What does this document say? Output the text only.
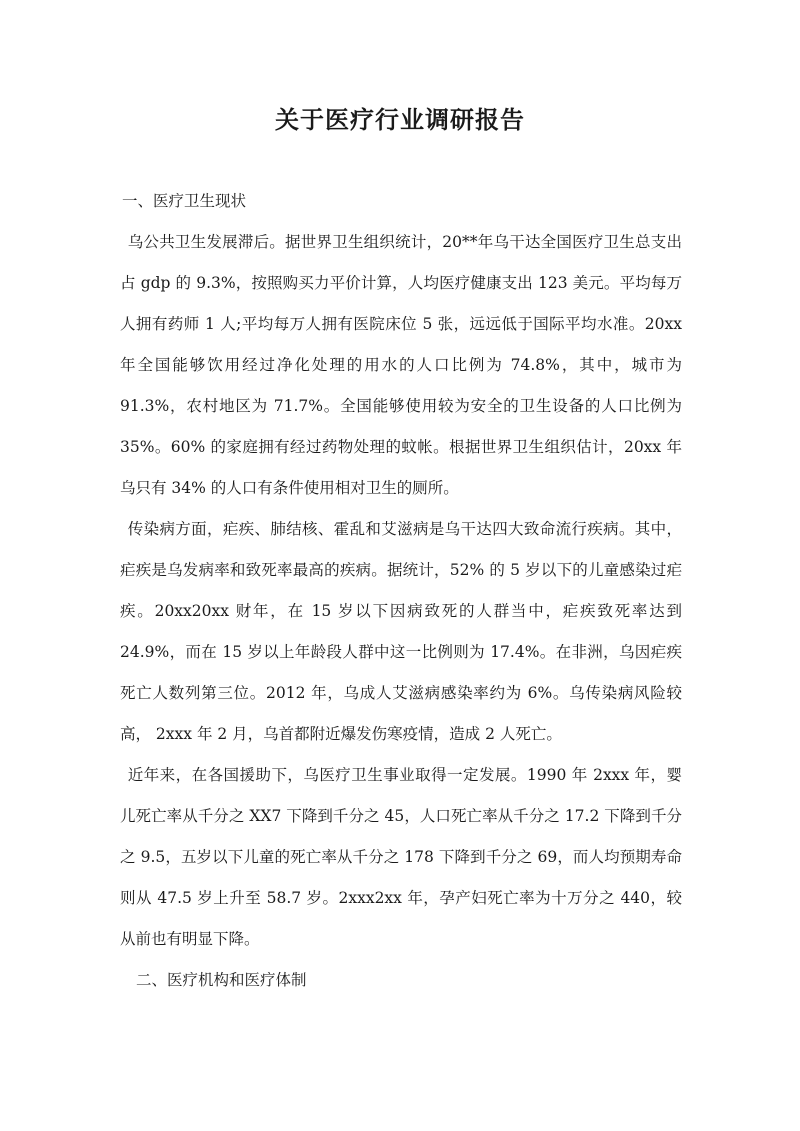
关于医疗行业调研报告

一、医疗卫生现状

乌公共卫生发展滞后。据世界卫生组织统计，20**年乌干达全国医疗卫生总支出占 gdp 的 9.3%，按照购买力平价计算，人均医疗健康支出 123 美元。平均每万人拥有药师 1 人;平均每万人拥有医院床位 5 张，远远低于国际平均水准。20xx 年全国能够饮用经过净化处理的用水的人口比例为 74.8%，其中，城市为 91.3%，农村地区为 71.7%。全国能够使用较为安全的卫生设备的人口比例为 35%。60% 的家庭拥有经过药物处理的蚊帐。根据世界卫生组织估计，20xx 年乌只有 34% 的人口有条件使用相对卫生的厕所。

传染病方面，疟疾、肺结核、霍乱和艾滋病是乌干达四大致命流行疾病。其中，疟疾是乌发病率和致死率最高的疾病。据统计，52% 的 5 岁以下的儿童感染过疟疾。20xx20xx 财年，在 15 岁以下因病致死的人群当中，疟疾致死率达到 24.9%，而在 15 岁以上年龄段人群中这一比例则为 17.4%。在非洲，乌因疟疾死亡人数列第三位。2012 年，乌成人艾滋病感染率约为 6%。乌传染病风险较高， 2xxx 年 2 月，乌首都附近爆发伤寒疫情，造成 2 人死亡。

近年来，在各国援助下，乌医疗卫生事业取得一定发展。1990 年 2xxx 年，婴儿死亡率从千分之 XX7 下降到千分之 45，人口死亡率从千分之 17.2 下降到千分之 9.5，五岁以下儿童的死亡率从千分之 178 下降到千分之 69，而人均预期寿命则从 47.5 岁上升至 58.7 岁。2xxx2xx 年，孕产妇死亡率为十万分之 440，较从前也有明显下降。

二、医疗机构和医疗体制
